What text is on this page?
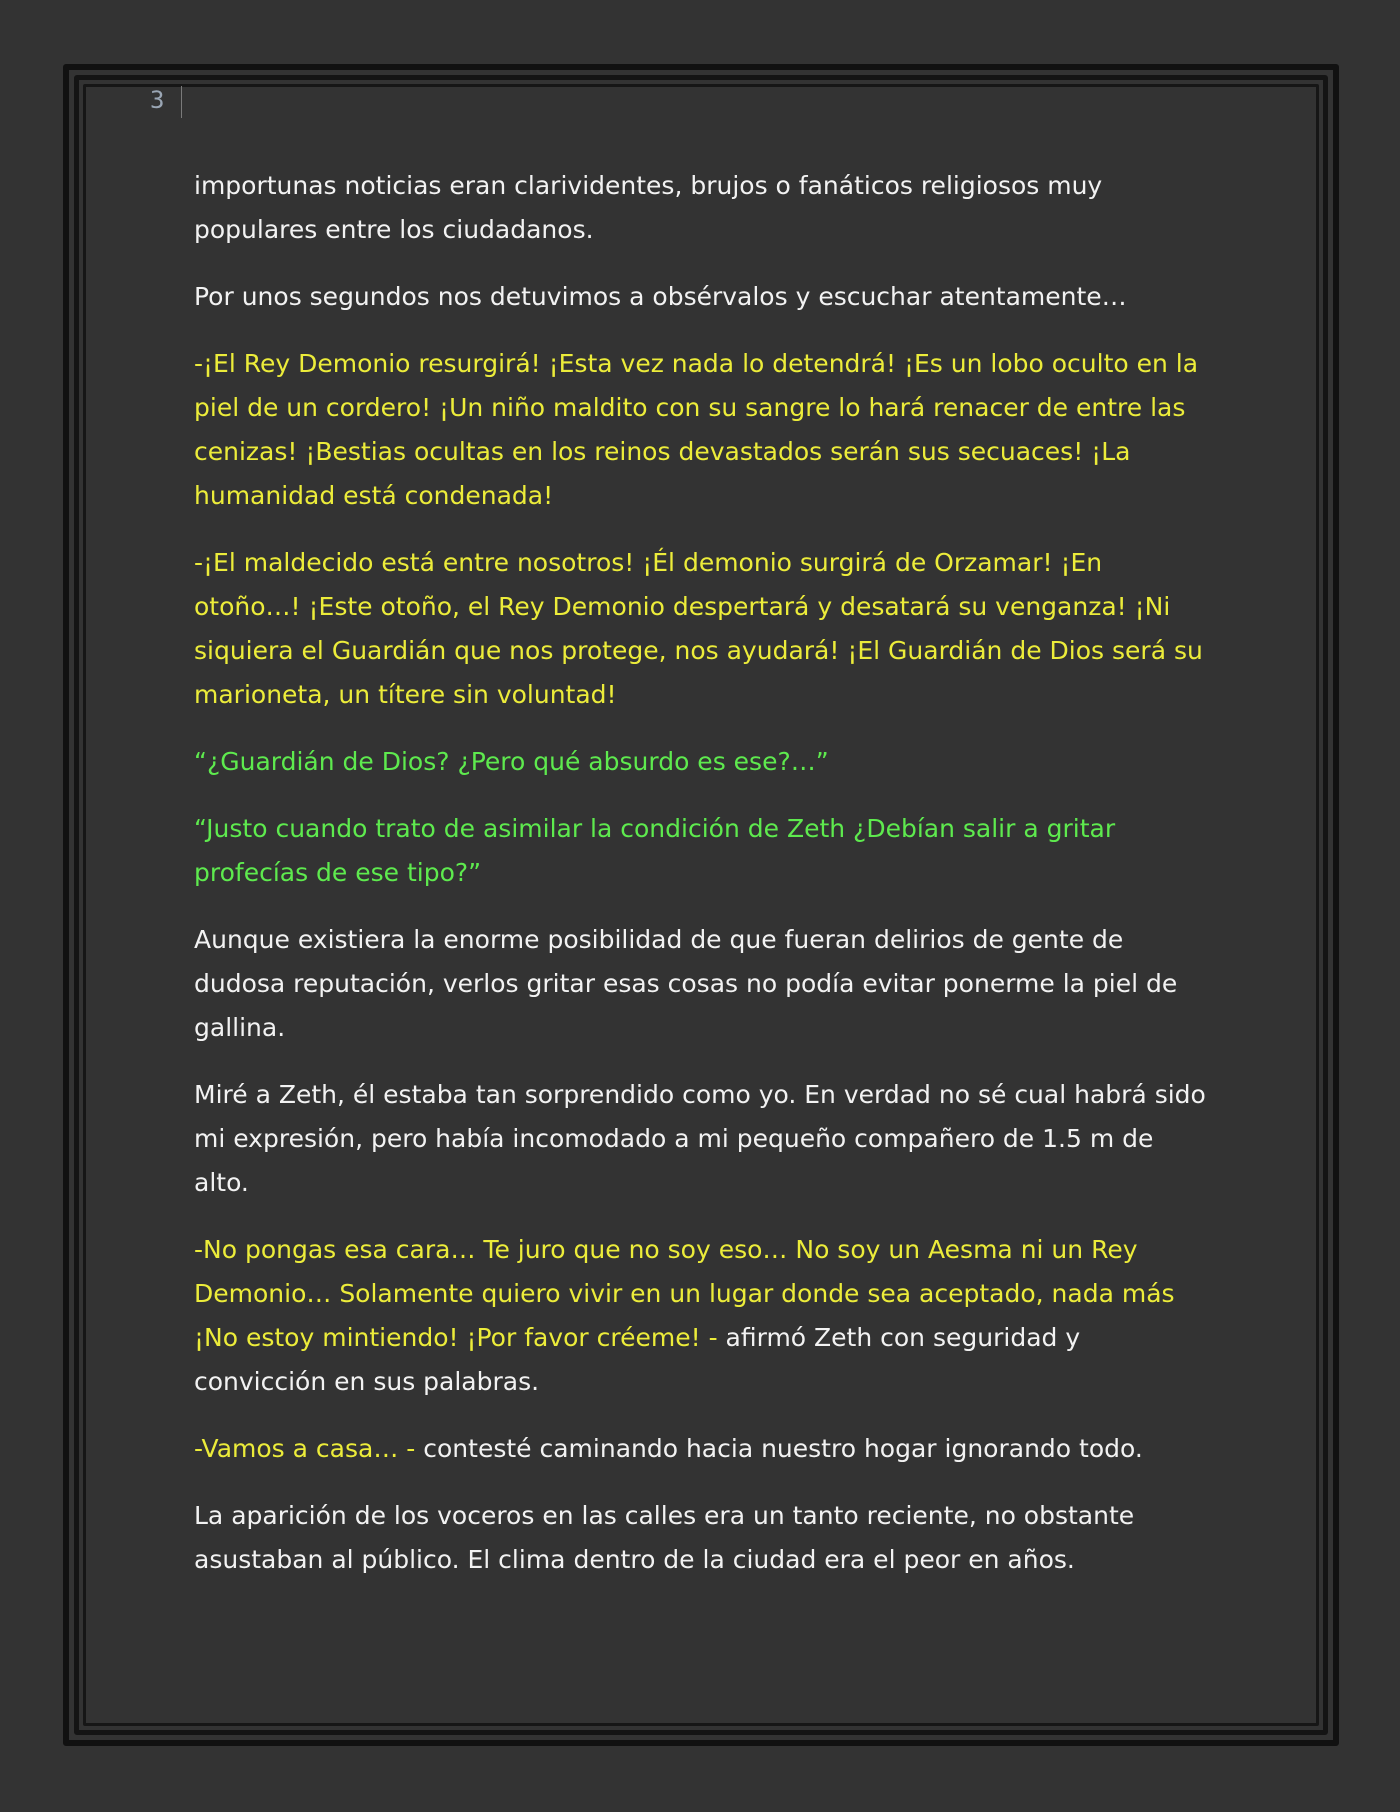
3

importunas noticias eran clarividentes, brujos o fanáticos religiosos muy populares entre los ciudadanos.

Por unos segundos nos detuvimos a obsérvalos y escuchar atentamente…

-¡El Rey Demonio resurgirá! ¡Esta vez nada lo detendrá! ¡Es un lobo oculto en la piel de un cordero! ¡Un niño maldito con su sangre lo hará renacer de entre las cenizas! ¡Bestias ocultas en los reinos devastados serán sus secuaces! ¡La humanidad está condenada!

-¡El maldecido está entre nosotros! ¡Él demonio surgirá de Orzamar! ¡En otoño…! ¡Este otoño, el Rey Demonio despertará y desatará su venganza! ¡Ni siquiera el Guardián que nos protege, nos ayudará! ¡El Guardián de Dios será su marioneta, un títere sin voluntad!

“¿Guardián de Dios? ¿Pero qué absurdo es ese?…”

“Justo cuando trato de asimilar la condición de Zeth ¿Debían salir a gritar profecías de ese tipo?”

Aunque existiera la enorme posibilidad de que fueran delirios de gente de dudosa reputación, verlos gritar esas cosas no podía evitar ponerme la piel de gallina.

Miré a Zeth, él estaba tan sorprendido como yo. En verdad no sé cual habrá sido mi expresión, pero había incomodado a mi pequeño compañero de 1.5 m de alto.

-No pongas esa cara… Te juro que no soy eso… No soy un Aesma ni un Rey Demonio… Solamente quiero vivir en un lugar donde sea aceptado, nada más ¡No estoy mintiendo! ¡Por favor créeme! - afirmó Zeth con seguridad y convicción en sus palabras.

-Vamos a casa… - contesté caminando hacia nuestro hogar ignorando todo.

La aparición de los voceros en las calles era un tanto reciente, no obstante asustaban al público. El clima dentro de la ciudad era el peor en años.
